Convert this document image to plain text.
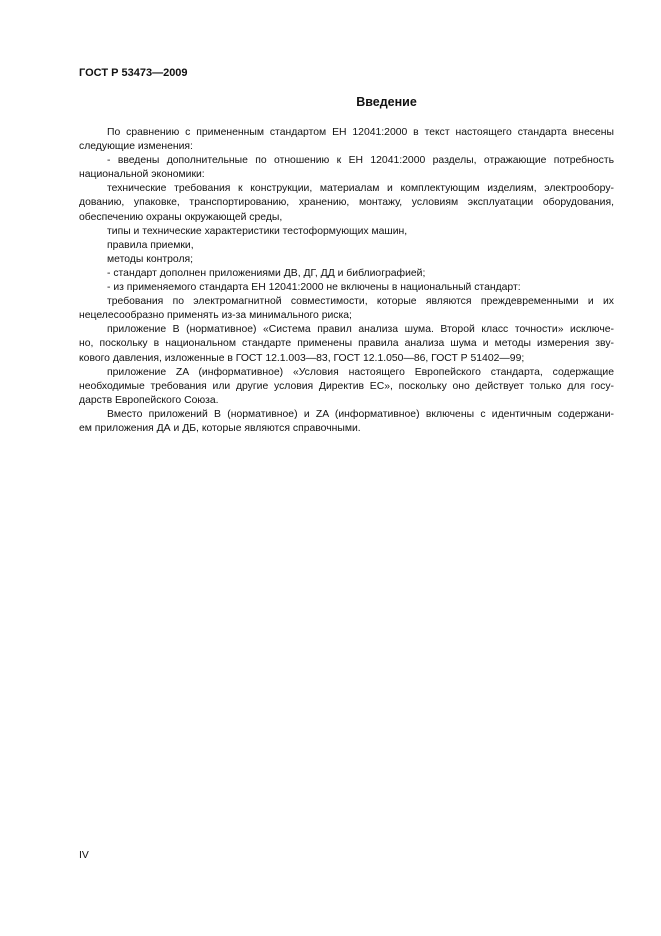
ГОСТ Р 53473—2009
Введение
По сравнению с примененным стандартом ЕН 12041:2000 в текст настоящего стандарта внесены
следующие изменения:
- введены дополнительные по отношению к ЕН 12041:2000 разделы, отражающие потребность
национальной экономики:
технические требования к конструкции, материалам и комплектующим изделиям, электрообору-
дованию, упаковке, транспортированию, хранению, монтажу, условиям эксплуатации оборудования,
обеспечению охраны окружающей среды,
типы и технические характеристики тестоформующих машин,
правила приемки,
методы контроля;
- стандарт дополнен приложениями ДВ, ДГ, ДД и библиографией;
- из применяемого стандарта ЕН 12041:2000 не включены в национальный стандарт:
требования по электромагнитной совместимости, которые являются преждевременными и их
нецелесообразно применять из-за минимального риска;
приложение В (нормативное) «Система правил анализа шума. Второй класс точности» исключе-
но, поскольку в национальном стандарте применены правила анализа шума и методы измерения зву-
кового давления, изложенные в ГОСТ 12.1.003—83, ГОСТ 12.1.050—86, ГОСТ Р 51402—99;
приложение ZA (информативное) «Условия настоящего Европейского стандарта, содержащие
необходимые требования или другие условия Директив ЕС», поскольку оно действует только для госу-
дарств Европейского Союза.
Вместо приложений В (нормативное) и ZA (информативное) включены с идентичным содержани-
ем приложения ДА и ДБ, которые являются справочными.
IV
